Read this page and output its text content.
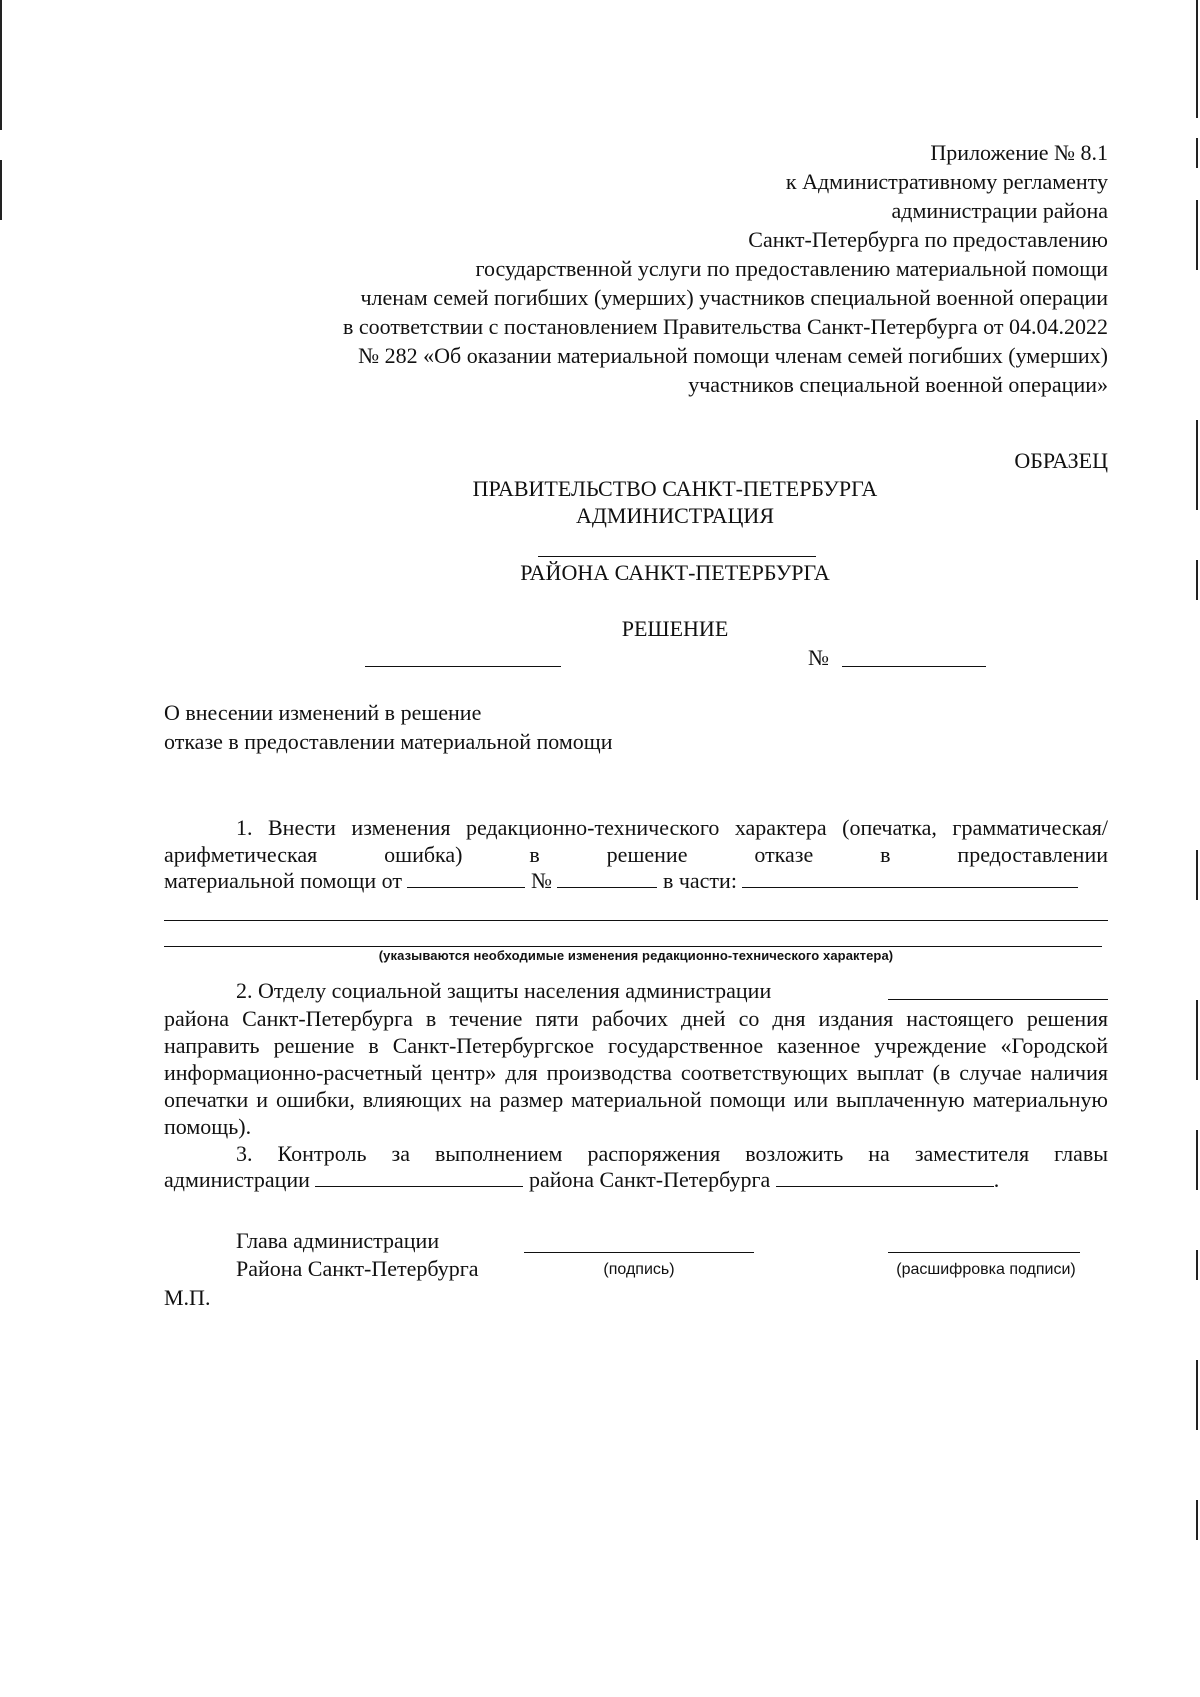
Приложение № 8.1
к Административному регламенту
администрации района
Санкт-Петербурга по предоставлению
государственной услуги по предоставлению материальной помощи
членам семей погибших (умерших) участников специальной военной операции
в соответствии с постановлением Правительства Санкт-Петербурга от 04.04.2022
№ 282 «Об оказании материальной помощи членам семей погибших (умерших)
участников специальной военной операции»
ОБРАЗЕЦ
ПРАВИТЕЛЬСТВО САНКТ-ПЕТЕРБУРГА
АДМИНИСТРАЦИЯ
РАЙОНА САНКТ-ПЕТЕРБУРГА
РЕШЕНИЕ
№
О внесении изменений в решение
отказе в предоставлении материальной помощи
1. Внести изменения редакционно-технического характера (опечатка, грамматическая/арифметическая ошибка) в решение отказе в предоставлении
материальной помощи от	№	в части:
(указываются необходимые изменения редакционно-технического характера)
2. Отделу социальной защиты населения администрации
района Санкт-Петербурга в течение пяти рабочих дней со дня издания настоящего решения направить решение в Санкт-Петербургское государственное казенное учреждение «Городской информационно-расчетный центр» для производства соответствующих выплат (в случае наличия опечатки и ошибки, влияющих на размер материальной помощи или выплаченную материальную помощь).
3. Контроль за выполнением распоряжения возложить на заместителя главы
администрации	района Санкт-Петербурга	.
Глава администрации
Района Санкт-Петербурга	(подпись)	(расшифровка подписи)
М.П.
